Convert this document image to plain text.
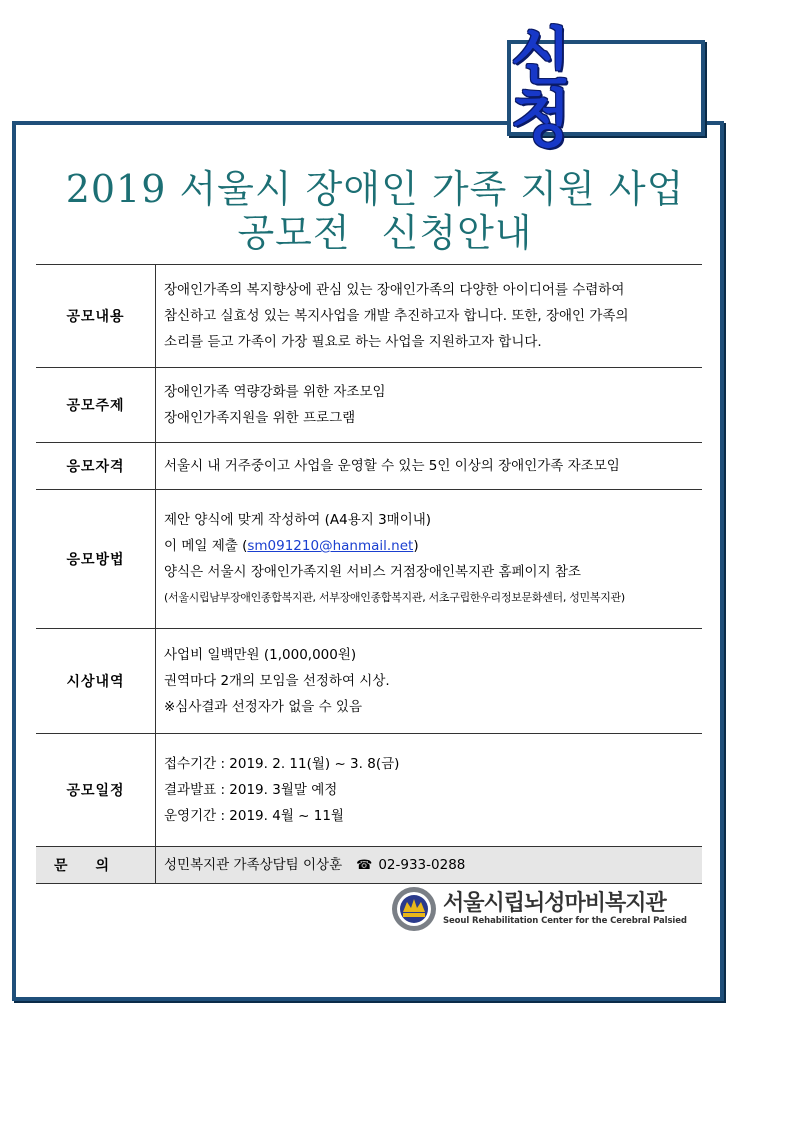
신 청
2019 서울시 장애인 가족 지원 사업
공모전 신청안내
공모내용	장애인가족의 복지향상에 관심 있는 장애인가족의 다양한 아이디어를 수렴하여
참신하고 실효성 있는 복지사업을 개발 추진하고자 합니다. 또한, 장애인 가족의
소리를 듣고 가족이 가장 필요로 하는 사업을 지원하고자 합니다.

공모주제	장애인가족 역량강화를 위한 자조모임
장애인가족지원을 위한 프로그램

응모자격	서울시 내 거주중이고 사업을 운영할 수 있는 5인 이상의 장애인가족 자조모임

응모방법	제안 양식에 맞게 작성하여 (A4용지 3매이내)
이 메일 제출 (sm091210@hanmail.net)
양식은 서울시 장애인가족지원 서비스 거점장애인복지관 홈페이지 참조
(서울시립남부장애인종합복지관, 서부장애인종합복지관, 서초구립한우리정보문화센터, 성민복지관)

시상내역	사업비 일백만원 (1,000,000원)
권역마다 2개의 모임을 선정하여 시상.
※심사결과 선정자가 없을 수 있음

공모일정	접수기간 : 2019. 2. 11(월) ~ 3. 8(금)
결과발표 : 2019. 3월말 예정
운영기간 : 2019. 4월 ~ 11월

문의	성민복지관 가족상담팀 이상훈 ☎ 02-933-0288
서울시립뇌성마비복지관
Seoul Rehabilitation Center for the Cerebral Palsied
